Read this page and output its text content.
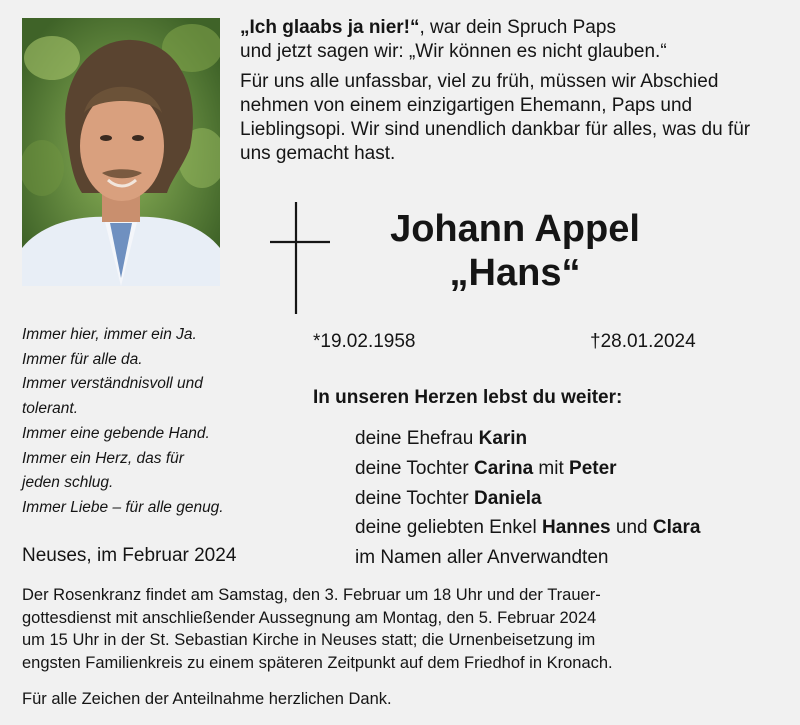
„Ich glaabs ja nier!“, war dein Spruch Paps
und jetzt sagen wir: „Wir können es nicht glauben.“

Für uns alle unfassbar, viel zu früh, müssen wir Abschied nehmen von einem einzigartigen Ehemann, Paps und Lieblingsopi. Wir sind unendlich dankbar für alles, was du für uns gemacht hast.

Johann Appel
„Hans“
Immer hier, immer ein Ja.
Immer für alle da.
Immer verständnisvoll und
tolerant.
Immer eine gebende Hand.
Immer ein Herz, das für
jeden schlug.
Immer Liebe – für alle genug.
*19.02.1958	†28.01.2024
In unseren Herzen lebst du weiter:
deine Ehefrau Karin
deine Tochter Carina mit Peter
deine Tochter Daniela
deine geliebten Enkel Hannes und Clara
im Namen aller Anverwandten
Neuses, im Februar 2024
Der Rosenkranz findet am Samstag, den 3. Februar um 18 Uhr und der Trauer-
gottesdienst mit anschließender Aussegnung am Montag, den 5. Februar 2024
um 15 Uhr in der St. Sebastian Kirche in Neuses statt; die Urnenbeisetzung im
engsten Familienkreis zu einem späteren Zeitpunkt auf dem Friedhof in Kronach.
Für alle Zeichen der Anteilnahme herzlichen Dank.
